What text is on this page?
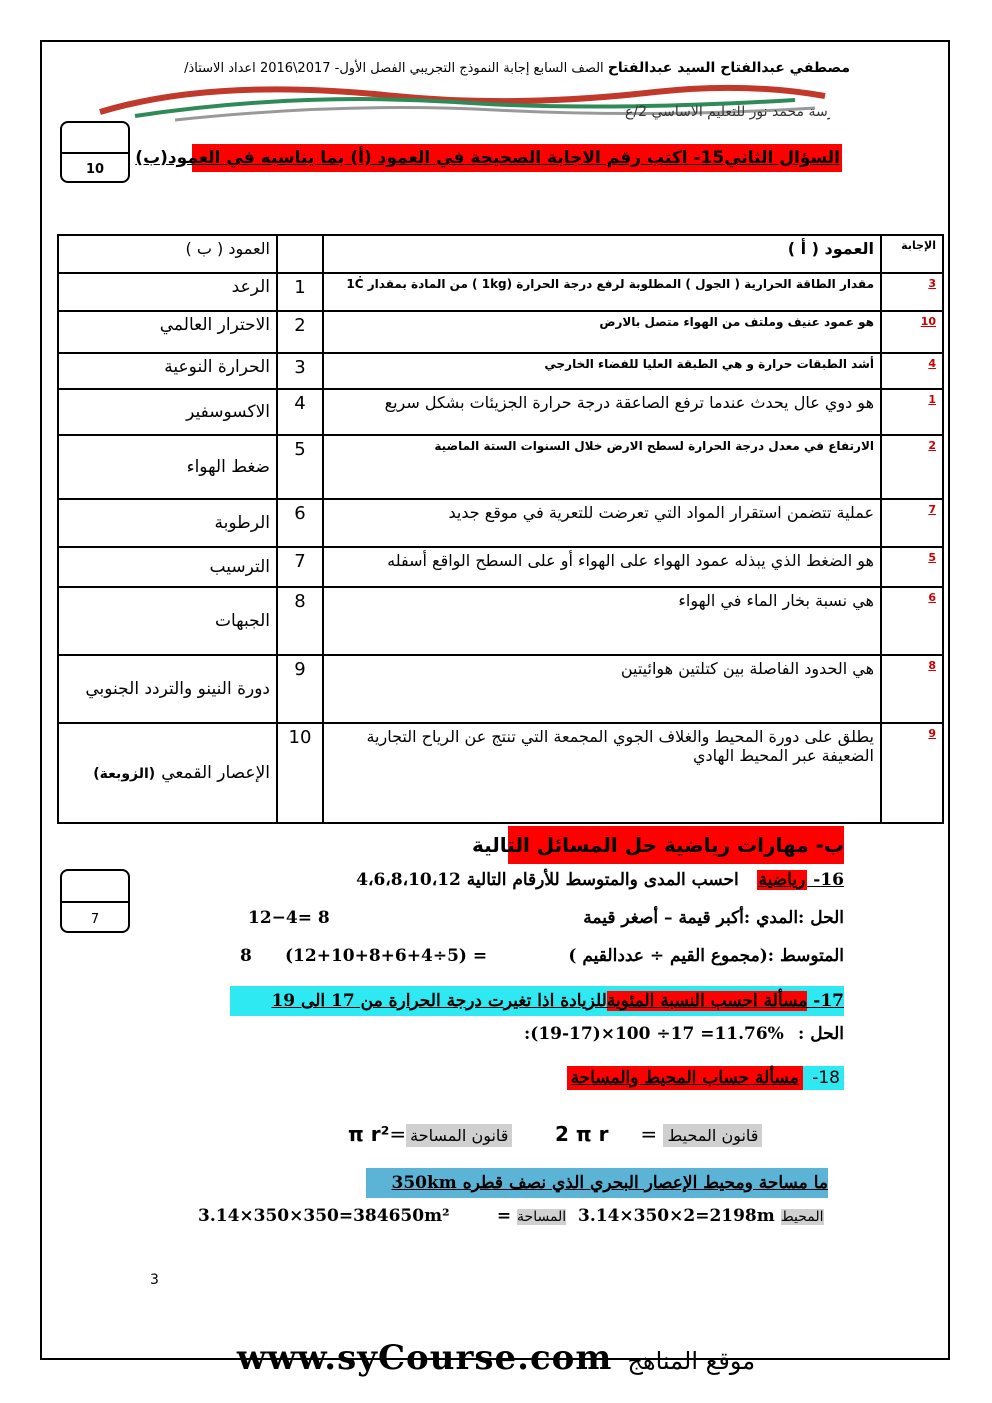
مصطفي عبدالفتاح السيد عبدالفتاح الصف السابع إجابة النموذج التجريبي الفصل الأول- 2017\2016 اعداد الاستاذ/
مدرسة محمد نور للتعليم الاساسي 2/ع
10
السؤال الثاني15- اكتب رقم الاجابة الصحيحة في العمود (أ) بما يناسبه في العمود(ب)
الإجابة	العمود ( أ )		العمود ( ب )
3	مقدار الطاقة الحرارية ( الجول ) المطلوبة لرفع درجة الحرارة (1kg ) من المادة بمقدار 1Ċ	1	الرعد
10	هو عمود عنيف وملتف من الهواء متصل بالارض	2	الاحترار العالمي
4	أشد الطبقات حرارة و هي الطبقة العليا للفضاء الخارجي	3	الحرارة النوعية
1	هو دوي عال يحدث عندما ترفع الصاعقة درجة حرارة الجزيئات بشكل سريع	4	الاكسوسفير
2	الارتفاع في معدل درجة الحرارة لسطح الارض خلال السنوات الستة الماضية	5	ضغط الهواء
7	عملية تتضمن استقرار المواد التي تعرضت للتعرية في موقع جديد	6	الرطوبة
5	هو الضغط الذي يبذله عمود الهواء على الهواء أو على السطح الواقع أسفله	7	الترسيب
6	هي نسبة بخار الماء في الهواء	8	الجبهات
8	هي الحدود الفاصلة بين كتلتين هوائيتين	9	دورة النينو والتردد الجنوبي
9	يطلق على دورة المحيط والغلاف الجوي المجمعة التي تنتج عن الرياح التجارية الضعيفة عبر المحيط الهادي	10	الإعصار القمعي(الزوبعة)
ب- مهارات رياضية حل المسائل التالية
7
16- رياضية   احسب المدى والمتوسط للأرقام التالية 4،6،8،10،12
الحل :المدي :أكبر قيمة – أصغر قيمة
12−4= 8
المتوسط :(مجموع القيم ÷ عددالقيم )
(12+10+8+6+4÷5) =
8
17- مسألة احسب النسبة المئويةللزيادة اذا تغيرت درجة الحرارة من 17 الى 19
الحل :
:(19-17)×100 ÷17 =11.76%
18- مسألة حساب المحيط والمساحة
2 π r     = قانون المحيط
π r²= قانون المساحة
ما مساحة ومحيط الإعصار البحري الذي نصف قطره 350km
3.14×350×2=2198m المحيط
3.14×350×350=384650m²        = المساحة
3
www.syCourse.com موقع المناهج
